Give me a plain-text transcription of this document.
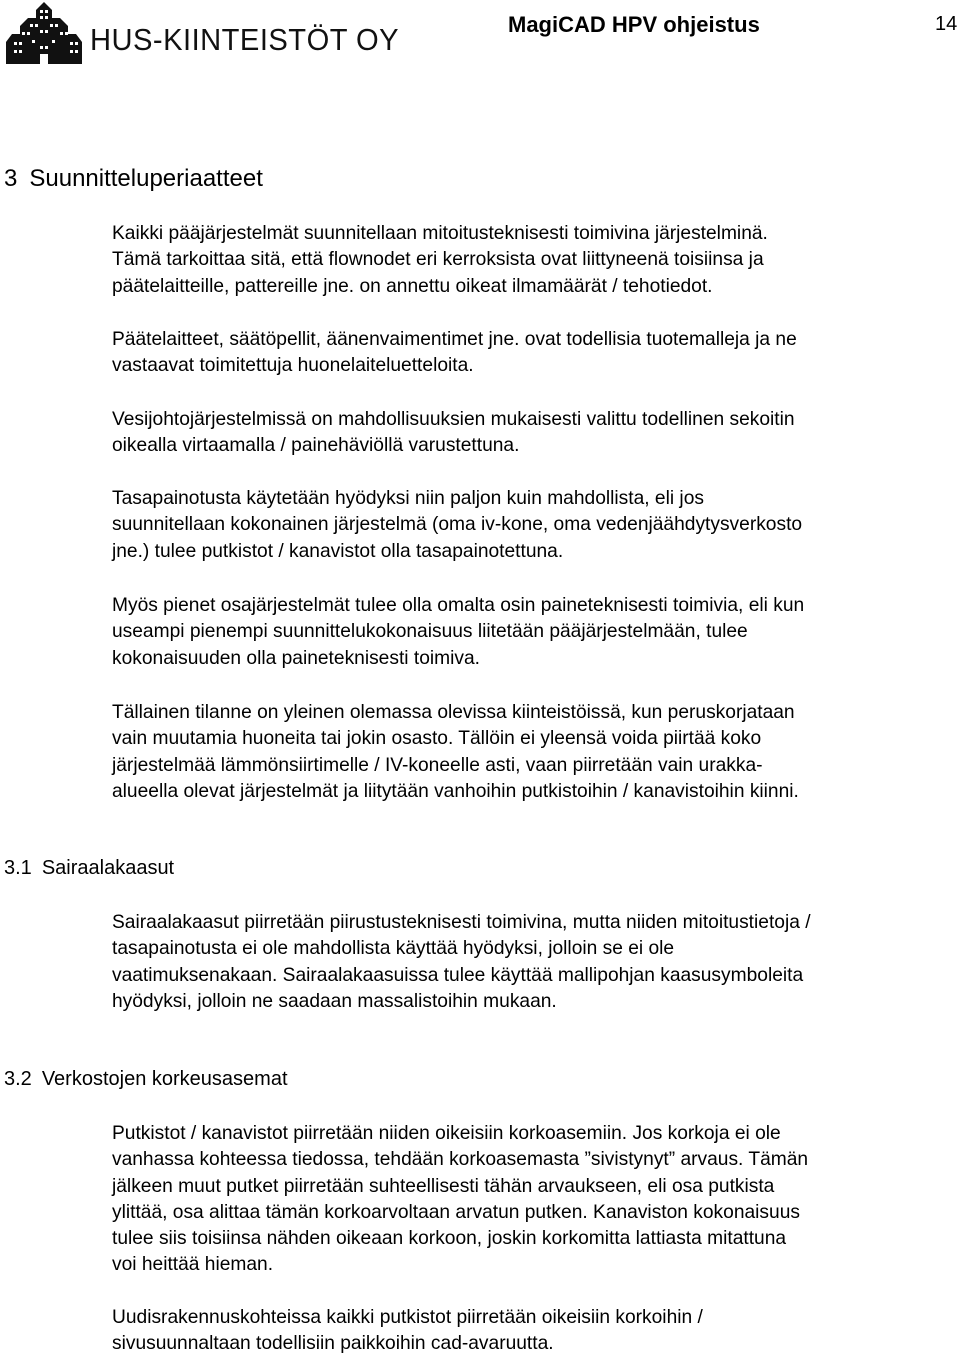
HUS-KIINTEISTÖT OY	MagiCAD HPV ohjeistus	14
3 Suunnitteluperiaatteet
Kaikki pääjärjestelmät suunnitellaan mitoitusteknisesti toimivina järjestelminä.
Tämä tarkoittaa sitä, että flownodet eri kerroksista ovat liittyneenä toisiinsa ja
päätelaitteille, pattereille jne. on annettu oikeat ilmamäärät / tehotiedot.
Päätelaitteet, säätöpellit, äänenvaimentimet jne. ovat todellisia tuotemalleja ja ne
vastaavat toimitettuja huonelaiteluetteloita.
Vesijohtojärjestelmissä on mahdollisuuksien mukaisesti valittu todellinen sekoitin
oikealla virtaamalla / painehäviöllä varustettuna.
Tasapainotusta käytetään hyödyksi niin paljon kuin mahdollista, eli jos
suunnitellaan kokonainen järjestelmä (oma iv-kone, oma vedenjäähdytysverkosto
jne.) tulee putkistot / kanavistot olla tasapainotettuna.
Myös pienet osajärjestelmät tulee olla omalta osin paineteknisesti toimivia, eli kun
useampi pienempi suunnittelukokonaisuus liitetään pääjärjestelmään, tulee
kokonaisuuden olla paineteknisesti toimiva.
Tällainen tilanne on yleinen olemassa olevissa kiinteistöissä, kun peruskorjataan
vain muutamia huoneita tai jokin osasto. Tällöin ei yleensä voida piirtää koko
järjestelmää lämmönsiirtimelle / IV-koneelle asti, vaan piirretään vain urakka-
alueella olevat järjestelmät ja liitytään vanhoihin putkistoihin / kanavistoihin kiinni.
3.1 Sairaalakaasut
Sairaalakaasut piirretään piirustusteknisesti toimivina, mutta niiden mitoitustietoja /
tasapainotusta ei ole mahdollista käyttää hyödyksi, jolloin se ei ole
vaatimuksenakaan. Sairaalakaasuissa tulee käyttää mallipohjan kaasusymboleita
hyödyksi, jolloin ne saadaan massalistoihin mukaan.
3.2 Verkostojen korkeusasemat
Putkistot / kanavistot piirretään niiden oikeisiin korkoasemiin. Jos korkoja ei ole
vanhassa kohteessa tiedossa, tehdään korkoasemasta ”sivistynyt” arvaus. Tämän
jälkeen muut putket piirretään suhteellisesti tähän arvaukseen, eli osa putkista
ylittää, osa alittaa tämän korkoarvoltaan arvatun putken. Kanaviston kokonaisuus
tulee siis toisiinsa nähden oikeaan korkoon, joskin korkomitta lattiasta mitattuna
voi heittää hieman.
Uudisrakennuskohteissa kaikki putkistot piirretään oikeisiin korkoihin /
sivusuunnaltaan todellisiin paikkoihin cad-avaruutta.
